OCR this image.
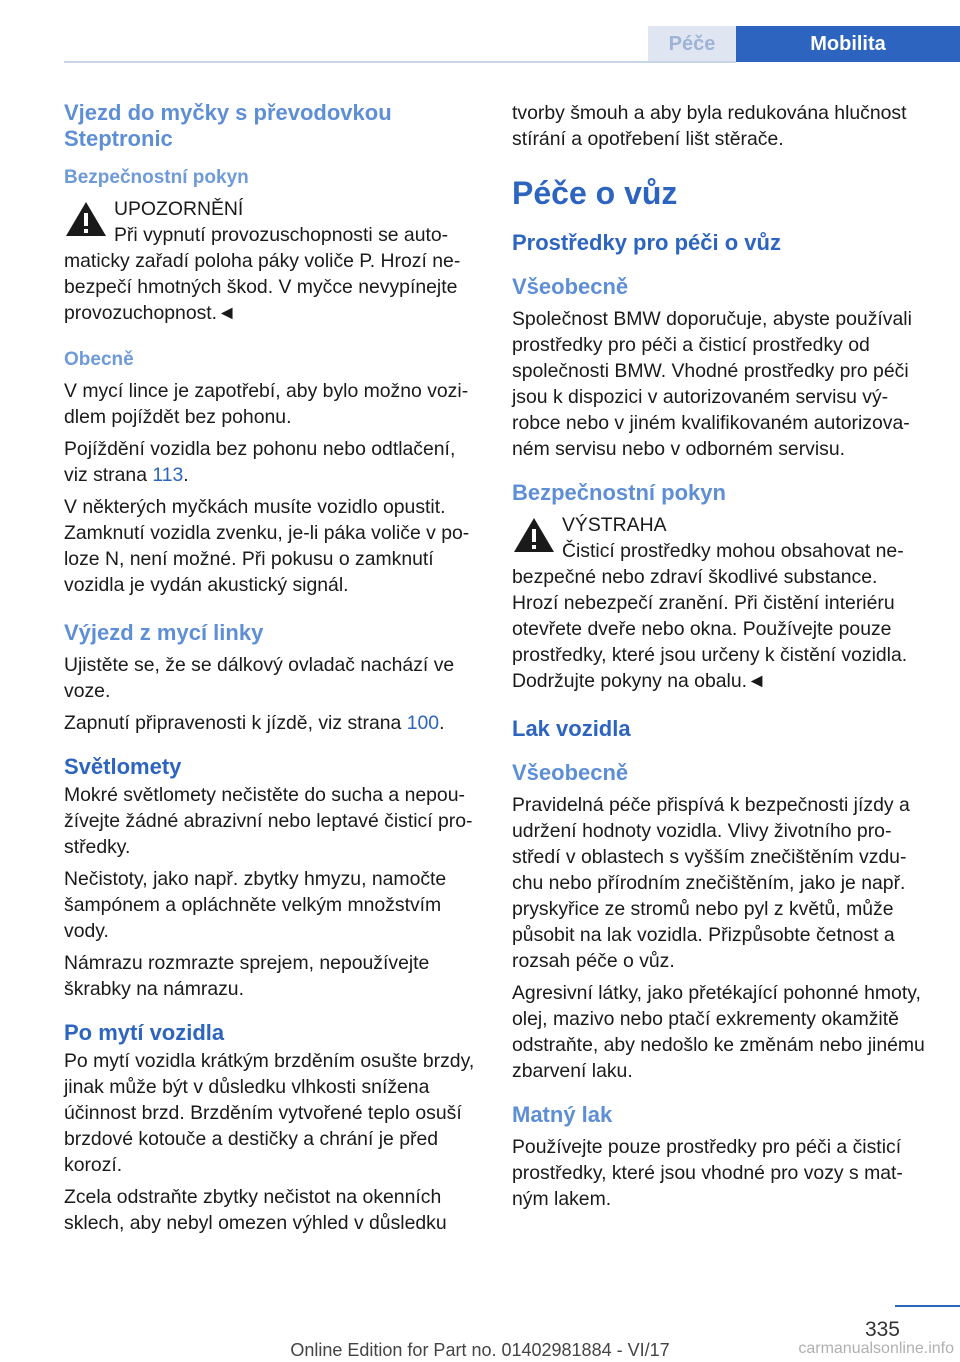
Péče	Mobilita
Vjezd do myčky s převodovkou Steptronic
Bezpečnostní pokyn

UPOZORNĚNÍ

Při vypnutí provozuschopnosti se auto-

maticky zařadí poloha páky voliče P. Hrozí nebezpečí hmotných škod. V myčce nevypínejte provozuchopnost.◄

Obecně

V mycí lince je zapotřebí, aby bylo možno vozidlem pojíždět bez pohonu.

Pojíždění vozidla bez pohonu nebo odtlačení, viz strana 113.

V některých myčkách musíte vozidlo opustit. Zamknutí vozidla zvenku, je-li páka voliče v poloze N, není možné. Při pokusu o zamknutí vozidla je vydán akustický signál.

Výjezd z mycí linky

Ujistěte se, že se dálkový ovladač nachází ve voze.

Zapnutí připravenosti k jízdě, viz strana 100.

Světlomety

Mokré světlomety nečistěte do sucha a nepoužívejte žádné abrazivní nebo leptavé čisticí prostředky.

Nečistoty, jako např. zbytky hmyzu, namočte šampónem a opláchněte velkým množstvím vody.

Námrazu rozmrazte sprejem, nepoužívejte škrabky na námrazu.

Po mytí vozidla

Po mytí vozidla krátkým brzděním osušte brzdy, jinak může být v důsledku vlhkosti snížena účinnost brzd. Brzděním vytvořené teplo osuší brzdové kotouče a destičky a chrání je před korozí.

Zcela odstraňte zbytky nečistot na okenních sklech, aby nebyl omezen výhled v důsledku

tvorby šmouh a aby byla redukována hlučnost stírání a opotřebení lišt stěrače.

Péče o vůz
Prostředky pro péči o vůz
Všeobecně

Společnost BMW doporučuje, abyste používali prostředky pro péči a čisticí prostředky od společnosti BMW. Vhodné prostředky pro péči jsou k dispozici v autorizovaném servisu výrobce nebo v jiném kvalifikovaném autorizovaném servisu nebo v odborném servisu.

Bezpečnostní pokyn

VÝSTRAHA

Čisticí prostředky mohou obsahovat ne-

bezpečné nebo zdraví škodlivé substance. Hrozí nebezpečí zranění. Při čistění interiéru otevřete dveře nebo okna. Používejte pouze prostředky, které jsou určeny k čistění vozidla. Dodržujte pokyny na obalu.◄

Lak vozidla
Všeobecně

Pravidelná péče přispívá k bezpečnosti jízdy a udržení hodnoty vozidla. Vlivy životního prostředí v oblastech s vyšším znečištěním vzduchu nebo přírodním znečištěním, jako je např. pryskyřice ze stromů nebo pyl z květů, může působit na lak vozidla. Přizpůsobte četnost a rozsah péče o vůz.

Agresivní látky, jako přetékající pohonné hmoty, olej, mazivo nebo ptačí exkrementy okamžitě odstraňte, aby nedošlo ke změnám nebo jinému zbarvení laku.

Matný lak

Používejte pouze prostředky pro péči a čisticí prostředky, které jsou vhodné pro vozy s matným lakem.

335
Online Edition for Part no. 01402981884 - VI/17	carmanualsonline.info
